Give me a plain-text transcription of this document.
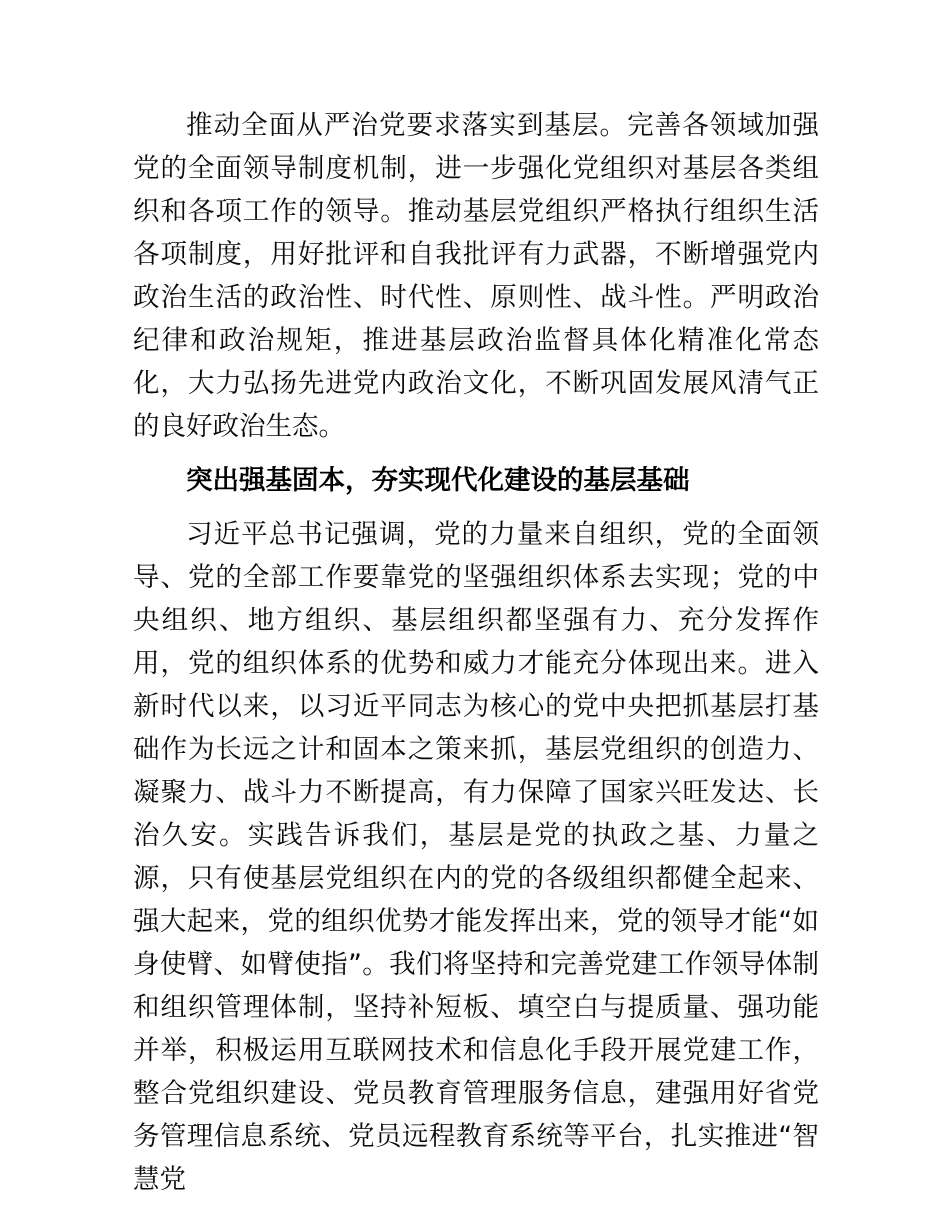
推动全面从严治党要求落实到基层。完善各领域加强党的全面领导制度机制，进一步强化党组织对基层各类组织和各项工作的领导。推动基层党组织严格执行组织生活各项制度，用好批评和自我批评有力武器，不断增强党内政治生活的政治性、时代性、原则性、战斗性。严明政治纪律和政治规矩，推进基层政治监督具体化精准化常态化，大力弘扬先进党内政治文化，不断巩固发展风清气正的良好政治生态。

突出强基固本，夯实现代化建设的基层基础

习近平总书记强调，党的力量来自组织，党的全面领导、党的全部工作要靠党的坚强组织体系去实现；党的中央组织、地方组织、基层组织都坚强有力、充分发挥作用，党的组织体系的优势和威力才能充分体现出来。进入新时代以来，以习近平同志为核心的党中央把抓基层打基础作为长远之计和固本之策来抓，基层党组织的创造力、凝聚力、战斗力不断提高，有力保障了国家兴旺发达、长治久安。实践告诉我们，基层是党的执政之基、力量之源，只有使基层党组织在内的党的各级组织都健全起来、强大起来，党的组织优势才能发挥出来，党的领导才能“如身使臂、如臂使指”。我们将坚持和完善党建工作领导体制和组织管理体制，坚持补短板、填空白与提质量、强功能并举，积极运用互联网技术和信息化手段开展党建工作，整合党组织建设、党员教育管理服务信息，建强用好省党务管理信息系统、党员远程教育系统等平台，扎实推进“智慧党
